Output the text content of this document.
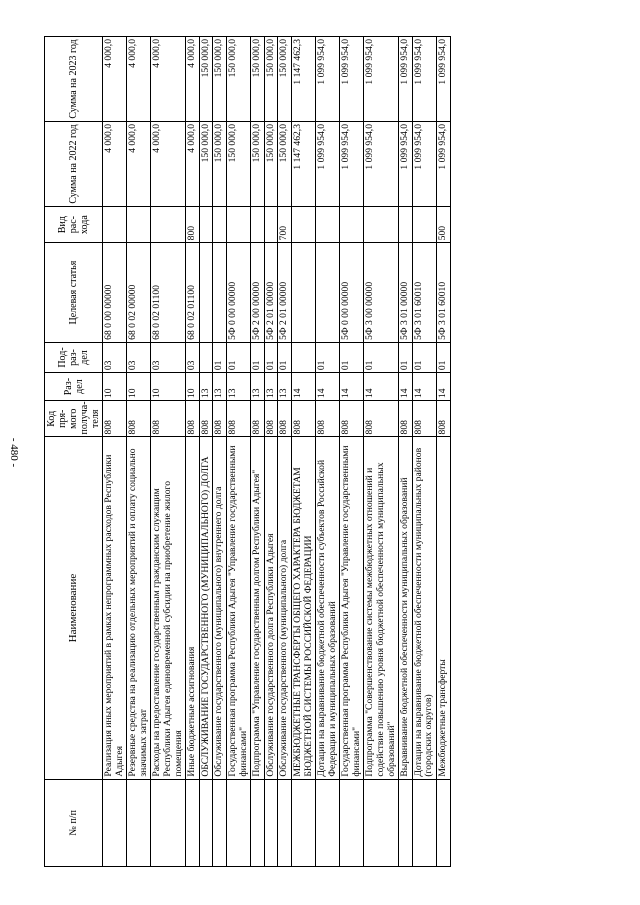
- 480 -
№ п/п	Наименование	Код пря- мого получа- теля	Раз- дел	Под- раз- дел	Целевая статья	Вид рас- хода	Сумма на 2022 год	Сумма на 2023 год
	Реализация иных мероприятий в рамках непрограммных расходов Республики Адыгея	808	10	03	68 0 00 00000		4 000,0	4 000,0
	Резервные средства на реализацию отдельных мероприятий и оплату социально значимых затрат	808	10	03	68 0 02 00000		4 000,0	4 000,0
	Расходы на предоставление государственным гражданским служащим Республики Адыгея единовременной субсидии на приобретение жилого помещения	808	10	03	68 0 02 01100		4 000,0	4 000,0
	Иные бюджетные ассигнования	808	10	03	68 0 02 01100	800	4 000,0	4 000,0
	ОБСЛУЖИВАНИЕ ГОСУДАРСТВЕННОГО (МУНИЦИПАЛЬНОГО) ДОЛГА	808	13				150 000,0	150 000,0
	Обслуживание государственного (муниципального) внутреннего долга	808	13	01			150 000,0	150 000,0
	Государственная программа Республики Адыгея "Управление государственными финансами"	808	13	01	5Ф 0 00 00000		150 000,0	150 000,0
	Подпрограмма "Управление государственным долгом Республики Адыгея"	808	13	01	5Ф 2 00 00000		150 000,0	150 000,0
	Обслуживание государственного долга Республики Адыгея	808	13	01	5Ф 2 01 00000		150 000,0	150 000,0
	Обслуживание государственного (муниципального) долга	808	13	01	5Ф 2 01 00000	700	150 000,0	150 000,0
	МЕЖБЮДЖЕТНЫЕ ТРАНСФЕРТЫ ОБЩЕГО ХАРАКТЕРА БЮДЖЕТАМ БЮДЖЕТНОЙ СИСТЕМЫ РОССИЙСКОЙ ФЕДЕРАЦИИ	808	14				1 147 462,3	1 147 462,3
	Дотации на выравнивание бюджетной обеспеченности субъектов Российской Федерации и муниципальных образований	808	14	01			1 099 954,0	1 099 954,0
	Государственная программа Республики Адыгея "Управление государственными финансами"	808	14	01	5Ф 0 00 00000		1 099 954,0	1 099 954,0
	Подпрограмма "Совершенствование системы межбюджетных отношений и содействие повышению уровня бюджетной обеспеченности муниципальных образований"	808	14	01	5Ф 3 00 00000		1 099 954,0	1 099 954,0
	Выравнивание бюджетной обеспеченности муниципальных образований	808	14	01	5Ф 3 01 00000		1 099 954,0	1 099 954,0
	Дотации на выравнивание бюджетной обеспеченности муниципальных районов (городских округов)	808	14	01	5Ф 3 01 60010		1 099 954,0	1 099 954,0
	Межбюджетные трансферты	808	14	01	5Ф 3 01 60010	500	1 099 954,0	1 099 954,0
